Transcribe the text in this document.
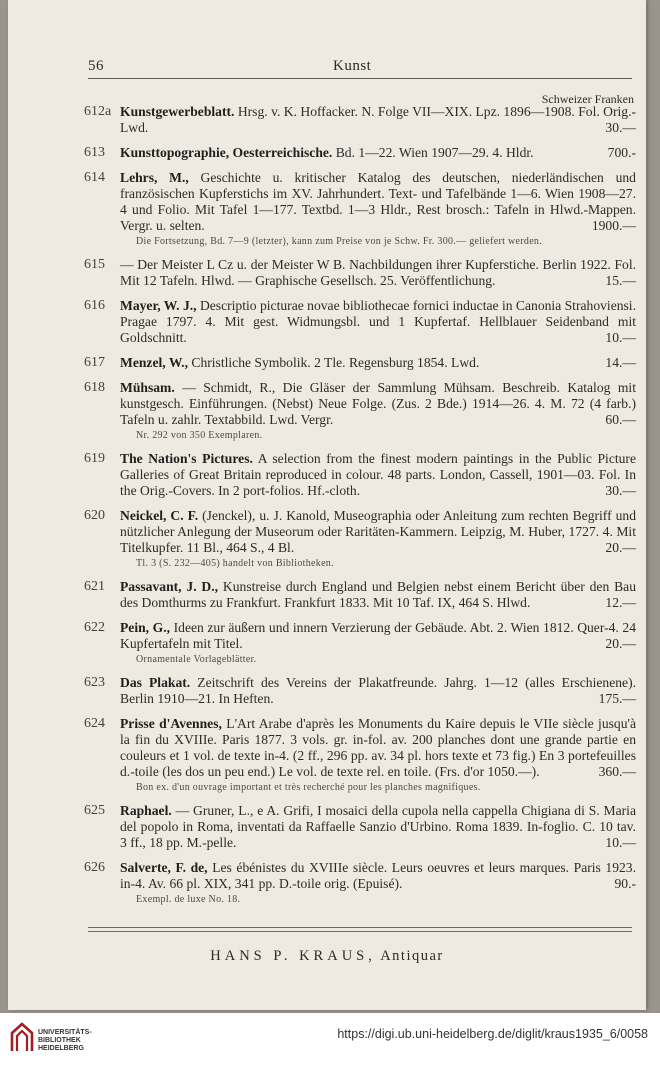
56	Kunst
Schweizer Franken
612a Kunstgewerbeblatt. Hrsg. v. K. Hoffacker. N. Folge VII—XIX. Lpz. 1896—1908. Fol. Orig.-Lwd.	30.—
613	Kunsttopographie, Oesterreichische. Bd. 1—22. Wien 1907—29. 4. Hldr.	700.-
614	Lehrs, M., Geschichte u. kritischer Katalog des deutschen, niederländischen und französischen Kupferstichs im XV. Jahrhundert. Text- und Tafelbände 1—6. Wien 1908—27. 4 und Folio. Mit Tafel 1—177. Textbd. 1—3 Hldr., Rest brosch.: Tafeln in Hlwd.-Mappen. Vergr. u. selten.	1900.—
Die Fortsetzung, Bd. 7—9 (letzter), kann zum Preise von je Schw. Fr. 300.— geliefert werden.
615	— Der Meister L Cz u. der Meister W B. Nachbildungen ihrer Kupferstiche. Berlin 1922. Fol. Mit 12 Tafeln. Hlwd. — Graphische Gesellsch. 25. Veröffentlichung.	15.—
616	Mayer, W. J., Descriptio picturae novae bibliothecae fornici inductae in Canonia Strahoviensi. Pragae 1797. 4. Mit gest. Widmungsbl. und 1 Kupfertaf. Hellblauer Seidenband mit Goldschnitt.	10.—
617	Menzel, W., Christliche Symbolik. 2 Tle. Regensburg 1854. Lwd.	14.—
618	Mühsam. — Schmidt, R., Die Gläser der Sammlung Mühsam. Beschreib. Katalog mit kunstgesch. Einführungen. (Nebst) Neue Folge. (Zus. 2 Bde.) 1914—26. 4. M. 72 (4 farb.) Tafeln u. zahlr. Textabbild. Lwd. Vergr.	60.—
Nr. 292 von 350 Exemplaren.
619	The Nation's Pictures. A selection from the finest modern paintings in the Public Picture Galleries of Great Britain reproduced in colour. 48 parts. London, Cassell, 1901—03. Fol. In the Orig.-Covers. In 2 port-folios. Hf.-cloth.	30.—
620	Neickel, C. F. (Jenckel), u. J. Kanold, Museographia oder Anleitung zum rechten Begriff und nützlicher Anlegung der Museorum oder Raritäten-Kammern. Leipzig, M. Huber, 1727. 4. Mit Titelkupfer. 11 Bl., 464 S., 4 Bl.	20.—
Tl. 3 (S. 232—405) handelt von Bibliotheken.
621	Passavant, J. D., Kunstreise durch England und Belgien nebst einem Bericht über den Bau des Domthurms zu Frankfurt. Frankfurt 1833. Mit 10 Taf. IX, 464 S. Hlwd.	12.—
622	Pein, G., Ideen zur äußern und innern Verzierung der Gebäude. Abt. 2. Wien 1812. Quer-4. 24 Kupfertafeln mit Titel.	20.—
Ornamentale Vorlageblätter.
623	Das Plakat. Zeitschrift des Vereins der Plakatfreunde. Jahrg. 1—12 (alles Erschienene). Berlin 1910—21. In Heften.	175.—
624	Prisse d'Avennes, L'Art Arabe d'après les Monuments du Kaire depuis le VIIe siècle jusqu'à la fin du XVIIIe. Paris 1877. 3 vols. gr. in-fol. av. 200 planches dont une grande partie en couleurs et 1 vol. de texte in-4. (2 ff., 296 pp. av. 34 pl. hors texte et 73 fig.) En 3 portefeuilles d.-toile (les dos un peu end.) Le vol. de texte rel. en toile. (Frs. d'or 1050.—).	360.—
Bon ex. d'un ouvrage important et très recherché pour les planches magnifiques.
625	Raphael. — Gruner, L., e A. Grifi, I mosaici della cupola nella cappella Chigiana di S. Maria del popolo in Roma, inventati da Raffaelle Sanzio d'Urbino. Roma 1839. In-foglio. C. 10 tav. 3 ff., 18 pp. M.-pelle.	10.—
626	Salverte, F. de, Les ébénistes du XVIIIe siècle. Leurs oeuvres et leurs marques. Paris 1923. in-4. Av. 66 pl. XIX, 341 pp. D.-toile orig. (Epuisé).	90.-
Exempl. de luxe No. 18.
HANS P. KRAUS, Antiquar
UNIVERSITÄTS-
BIBLIOTHEK
HEIDELBERG
https://digi.ub.uni-heidelberg.de/diglit/kraus1935_6/0058
